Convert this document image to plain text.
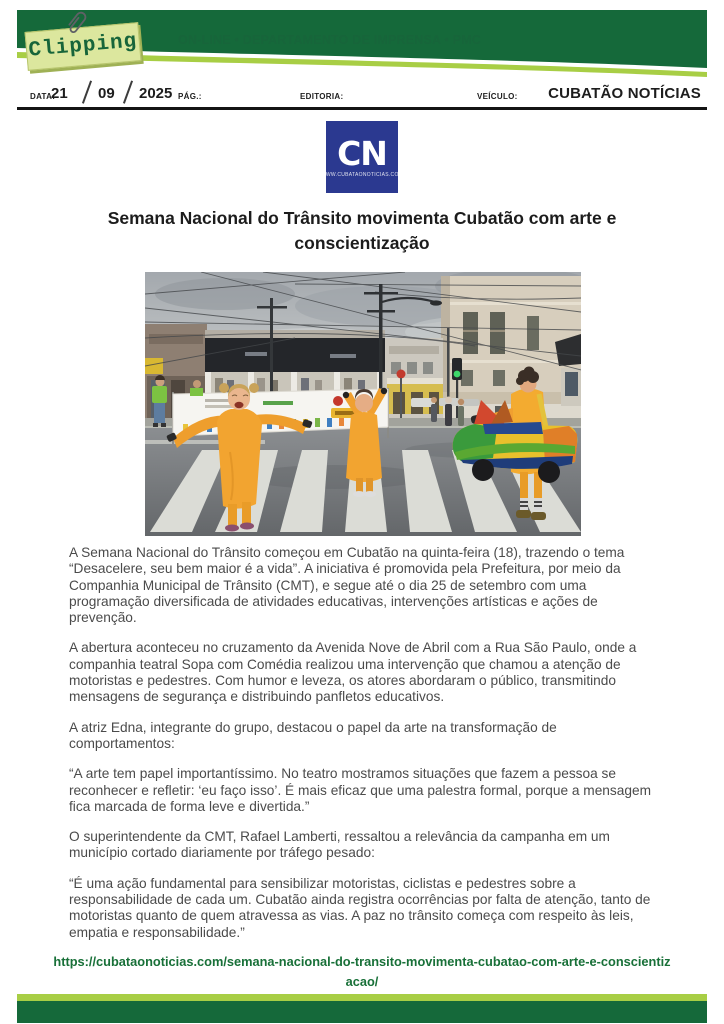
Clipping	ON-LINE • DEPARTAMENTO DE IMPRENSA • PMC
DATA:
21 09 2025 PÁG.:	EDITORIA:	VEÍCULO: CUBATÃO NOTÍCIAS
CN
WWW.CUBATAONOTICIAS.COM
Semana Nacional do Trânsito movimenta Cubatão com arte e conscientização

A Semana Nacional do Trânsito começou em Cubatão na quinta-feira (18), trazendo o tema “Desacelere, seu bem maior é a vida”. A iniciativa é promovida pela Prefeitura, por meio da Companhia Municipal de Trânsito (CMT), e segue até o dia 25 de setembro com uma programação diversificada de atividades educativas, intervenções artísticas e ações de prevenção.

A abertura aconteceu no cruzamento da Avenida Nove de Abril com a Rua São Paulo, onde a companhia teatral Sopa com Comédia realizou uma intervenção que chamou a atenção de motoristas e pedestres. Com humor e leveza, os atores abordaram o público, transmitindo mensagens de segurança e distribuindo panfletos educativos.

A atriz Edna, integrante do grupo, destacou o papel da arte na transformação de comportamentos:

“A arte tem papel importantíssimo. No teatro mostramos situações que fazem a pessoa se reconhecer e refletir: ‘eu faço isso’. É mais eficaz que uma palestra formal, porque a mensagem fica marcada de forma leve e divertida.”

O superintendente da CMT, Rafael Lamberti, ressaltou a relevância da campanha em um município cortado diariamente por tráfego pesado:

“É uma ação fundamental para sensibilizar motoristas, ciclistas e pedestres sobre a responsabilidade de cada um. Cubatão ainda registra ocorrências por falta de atenção, tanto de motoristas quanto de quem atravessa as vias. A paz no trânsito começa com respeito às leis, empatia e responsabilidade.”

https://cubataonoticias.com/semana-nacional-do-transito-movimenta-cubatao-com-arte-e-conscientizacao/
